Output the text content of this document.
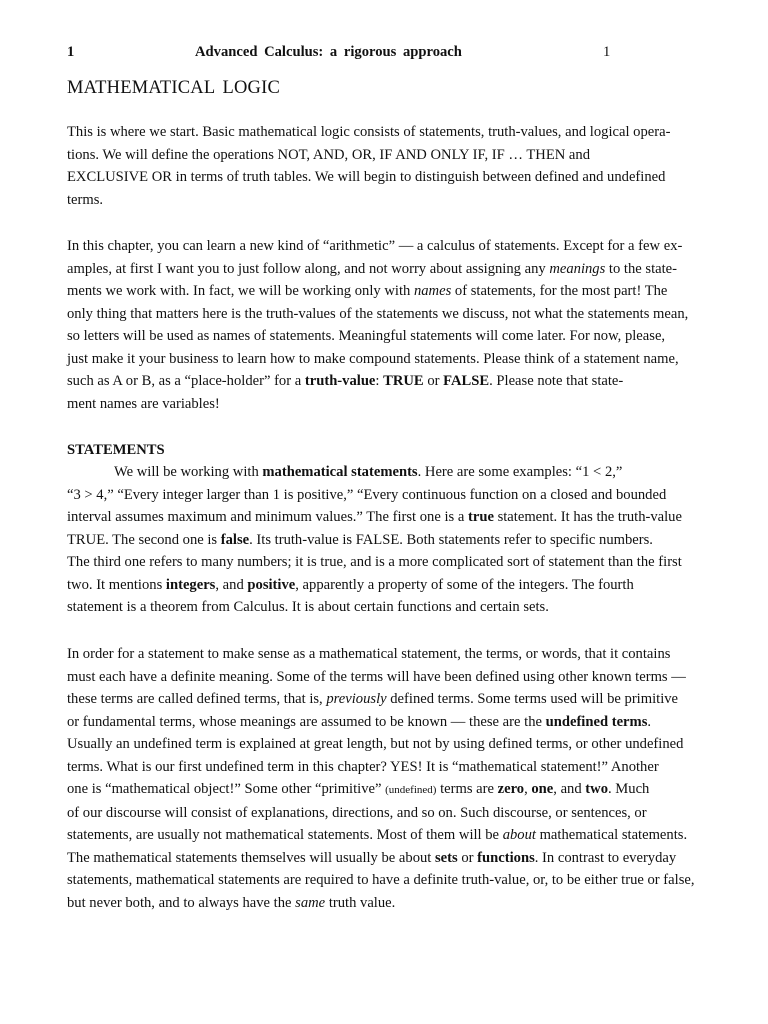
1	Advanced Calculus: a rigorous approach	1
MATHEMATICAL LOGIC

This is where we start. Basic mathematical logic consists of statements, truth-values, and logical opera-
tions. We will define the operations NOT, AND, OR, IF AND ONLY IF, IF … THEN and
EXCLUSIVE OR in terms of truth tables. We will begin to distinguish between defined and undefined
terms.

In this chapter, you can learn a new kind of “arithmetic” — a calculus of statements. Except for a few ex-
amples, at first I want you to just follow along, and not worry about assigning any meanings to the state-
ments we work with. In fact, we will be working only with names of statements, for the most part! The
only thing that matters here is the truth-values of the statements we discuss, not what the statements mean,
so letters will be used as names of statements. Meaningful statements will come later. For now, please,
just make it your business to learn how to make compound statements. Please think of a statement name,
such as A or B, as a “place-holder” for a truth-value: TRUE or FALSE. Please note that state-
ment names are variables!

STATEMENTS

We will be working with mathematical statements. Here are some examples: “1 < 2,”
“3 > 4,” “Every integer larger than 1 is positive,” “Every continuous function on a closed and bounded
interval assumes maximum and minimum values.” The first one is a true statement. It has the truth-value
TRUE. The second one is false. Its truth-value is FALSE. Both statements refer to specific numbers.
The third one refers to many numbers; it is true, and is a more complicated sort of statement than the first
two. It mentions integers, and positive, apparently a property of some of the integers. The fourth
statement is a theorem from Calculus. It is about certain functions and certain sets.

In order for a statement to make sense as a mathematical statement, the terms, or words, that it contains
must each have a definite meaning. Some of the terms will have been defined using other known terms —
these terms are called defined terms, that is, previously defined terms. Some terms used will be primitive
or fundamental terms, whose meanings are assumed to be known — these are the undefined terms.
Usually an undefined term is explained at great length, but not by using defined terms, or other undefined
terms. What is our first undefined term in this chapter? YES! It is “mathematical statement!” Another
one is “mathematical object!” Some other “primitive” (undefined) terms are zero, one, and two. Much
of our discourse will consist of explanations, directions, and so on. Such discourse, or sentences, or
statements, are usually not mathematical statements. Most of them will be about mathematical statements.
The mathematical statements themselves will usually be about sets or functions. In contrast to everyday
statements, mathematical statements are required to have a definite truth-value, or, to be either true or false,
but never both, and to always have the same truth value.
